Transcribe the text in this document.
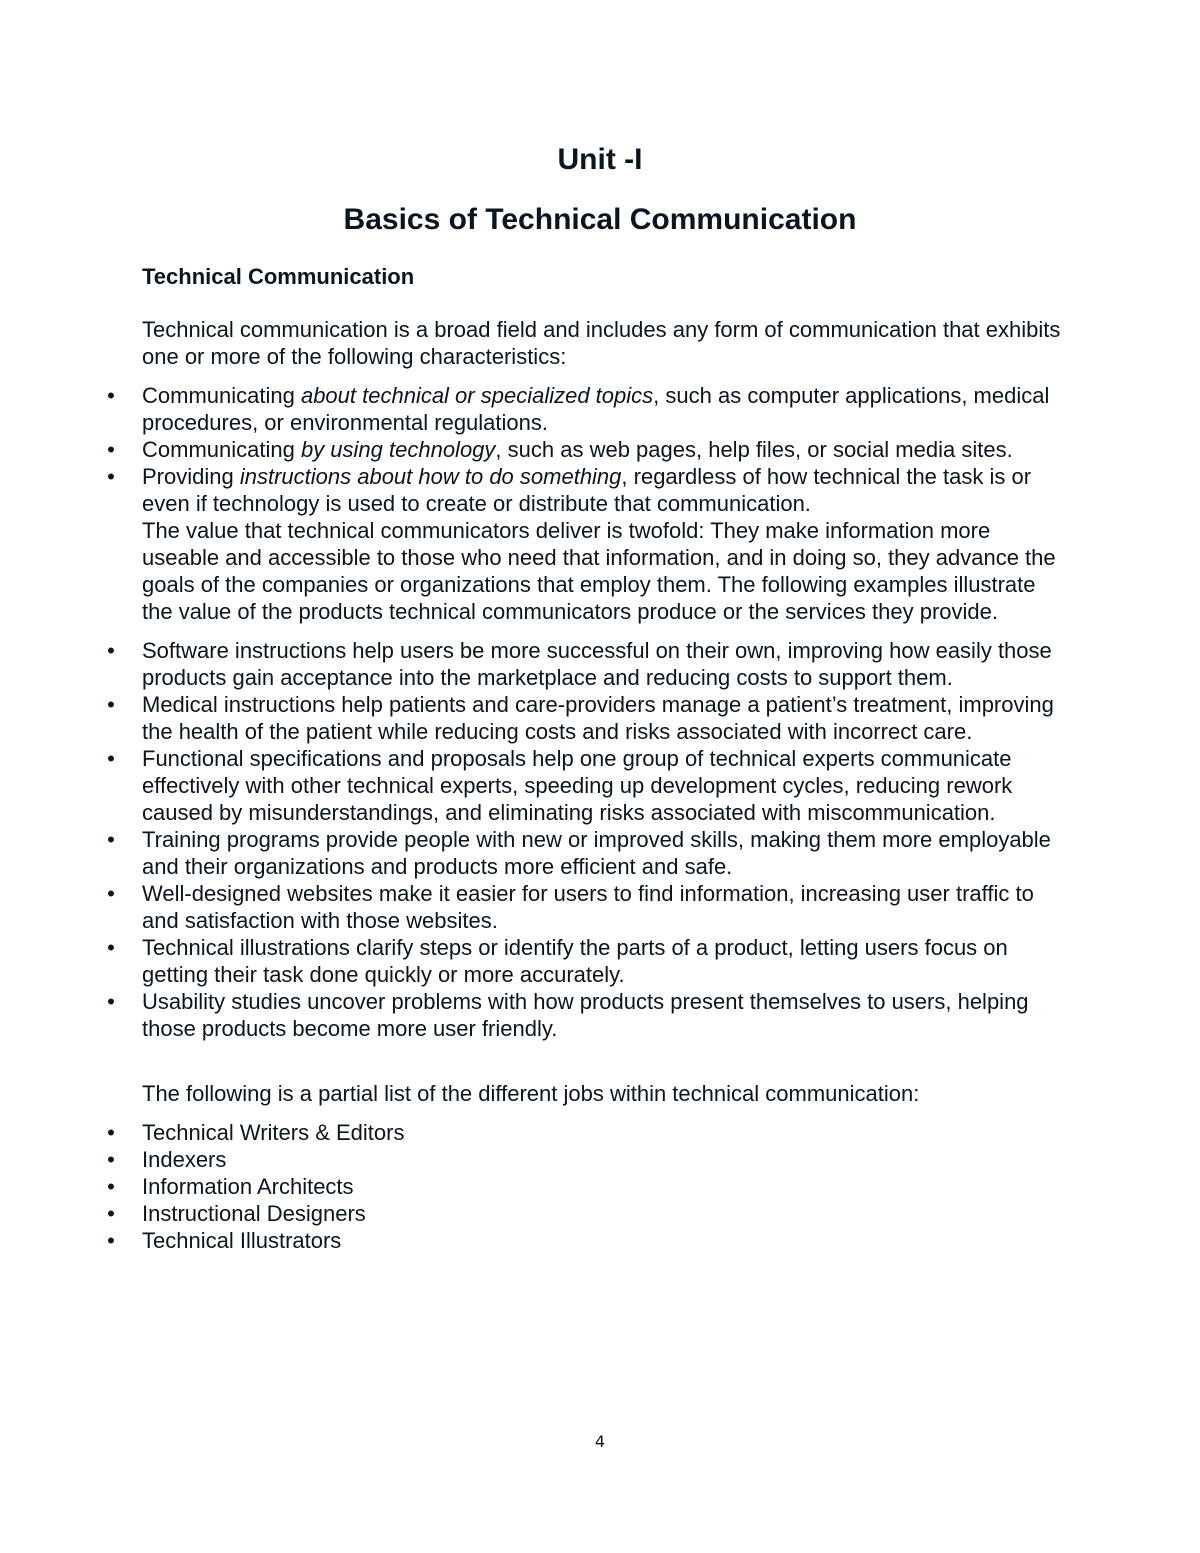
Unit -I
Basics of Technical Communication
Technical Communication

Technical communication is a broad field and includes any form of communication that exhibits one or more of the following characteristics:

• Communicating about technical or specialized topics, such as computer applications, medical procedures, or environmental regulations.
• Communicating by using technology, such as web pages, help files, or social media sites.
• Providing instructions about how to do something, regardless of how technical the task is or even if technology is used to create or distribute that communication.

The value that technical communicators deliver is twofold: They make information more useable and accessible to those who need that information, and in doing so, they advance the goals of the companies or organizations that employ them. The following examples illustrate the value of the products technical communicators produce or the services they provide.

• Software instructions help users be more successful on their own, improving how easily those products gain acceptance into the marketplace and reducing costs to support them.
• Medical instructions help patients and care-providers manage a patient’s treatment, improving the health of the patient while reducing costs and risks associated with incorrect care.
• Functional specifications and proposals help one group of technical experts communicate effectively with other technical experts, speeding up development cycles, reducing rework caused by misunderstandings, and eliminating risks associated with miscommunication.
• Training programs provide people with new or improved skills, making them more employable and their organizations and products more efficient and safe.
• Well-designed websites make it easier for users to find information, increasing user traffic to and satisfaction with those websites.
• Technical illustrations clarify steps or identify the parts of a product, letting users focus on getting their task done quickly or more accurately.
• Usability studies uncover problems with how products present themselves to users, helping those products become more user friendly.

The following is a partial list of the different jobs within technical communication:

• Technical Writers & Editors
• Indexers
• Information Architects
• Instructional Designers
• Technical Illustrators
4
